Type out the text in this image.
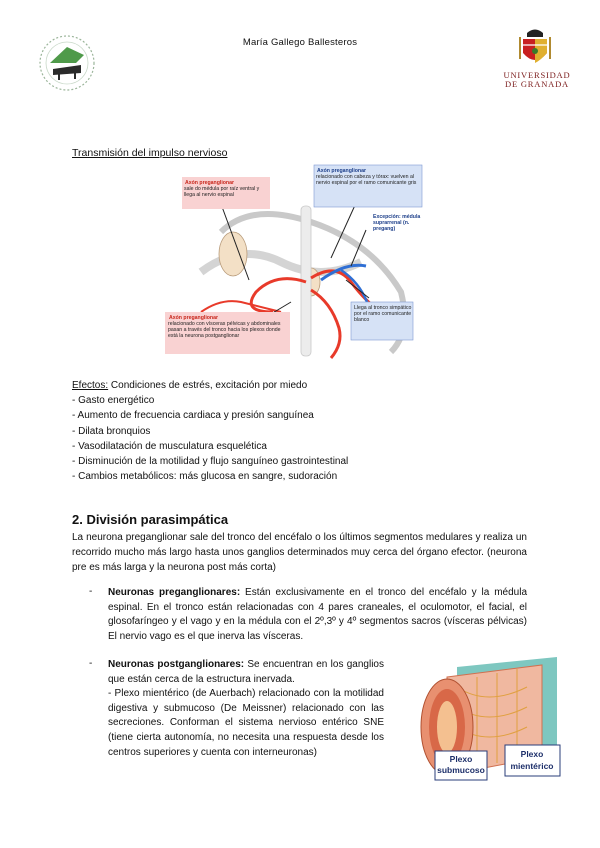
María Gallego Ballesteros
UNIVERSIDAD
DE GRANADA
Transmisión del impulso nervioso
Axón preganglionar
sale do médula por raíz ventral y llega al nervio espinal
Axón preganglionar
relacionado con cabeza y tórax: vuelven al nervio espinal por el ramo comunicante gris
Excepción: médula suprarrenal (n. pregang)
Axón preganglionar
relacionado con vísceras pélvicas y abdominales pasan a través del tronco hacia los plexos donde está la neurona postganglionar
Llega al tronco simpático por el ramo comunicante blanco
Efectos: Condiciones de estrés, excitación por miedo
- Gasto energético
- Aumento de frecuencia cardiaca y presión sanguínea
- Dilata bronquios
- Vasodilatación de musculatura esquelética
- Disminución de la motilidad y flujo sanguíneo gastrointestinal
- Cambios metabólicos: más glucosa en sangre, sudoración
2. División parasimpática
La neurona preganglionar sale del tronco del encéfalo o los últimos segmentos medulares y realiza un recorrido mucho más largo hasta unos ganglios determinados muy cerca del órgano efector. (neurona pre es más larga y la neurona post más corta)
- Neuronas preganglionares: Están exclusivamente en el tronco del encéfalo y la médula espinal. En el tronco están relacionadas con 4 pares craneales, el oculomotor, el facial, el glosofaríngeo y el vago y en la médula con el 2º,3º y 4º segmentos sacros (vísceras pélvicas) El nervio vago es el que inerva las vísceras.
- Neuronas postganglionares: Se encuentran en los ganglios que están cerca de la estructura inervada.
- Plexo mientérico (de Auerbach) relacionado con la motilidad digestiva y submucoso (De Meissner) relacionado con las secreciones. Conforman el sistema nervioso entérico SNE (tiene cierta autonomía, no necesita una respuesta desde los centros superiores y cuenta con interneuronas)
Plexo
submucoso
Plexo
mientérico
